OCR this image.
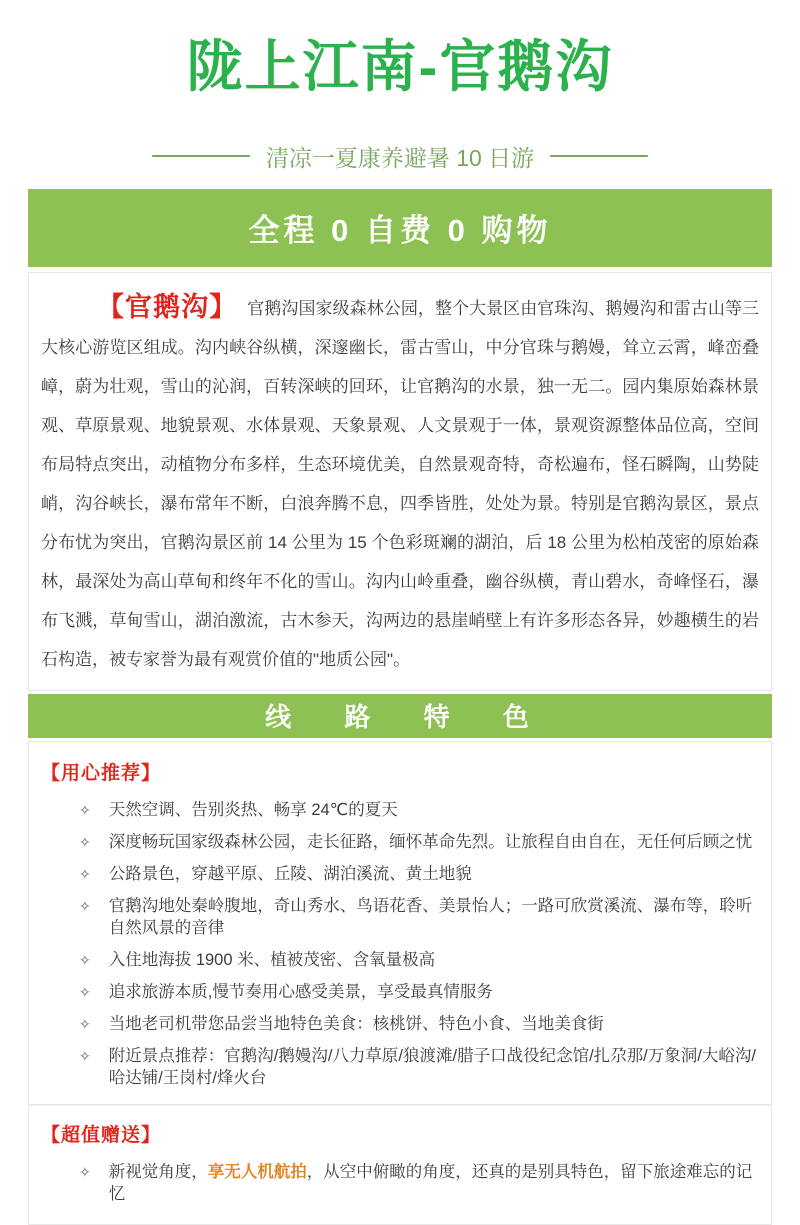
陇上江南-官鹅沟
清凉一夏康养避暑 10 日游
全程 0 自费 0 购物

【官鹅沟】 官鹅沟国家级森林公园，整个大景区由官珠沟、鹅嫚沟和雷古山等三大核心游览区组成。沟内峡谷纵横，深邃幽长，雷古雪山，中分官珠与鹅嫚，耸立云霄，峰峦叠嶂，蔚为壮观，雪山的沁润，百转深峡的回环，让官鹅沟的水景，独一无二。园内集原始森林景观、草原景观、地貌景观、水体景观、天象景观、人文景观于一体，景观资源整体品位高，空间布局特点突出，动植物分布多样，生态环境优美，自然景观奇特，奇松遍布，怪石瞬陶，山势陡峭，沟谷峡长，瀑布常年不断，白浪奔腾不息，四季皆胜，处处为景。特别是官鹅沟景区，景点分布忧为突出，官鹅沟景区前 14 公里为 15 个色彩斑斓的湖泊，后 18 公里为松柏茂密的原始森林，最深处为高山草甸和终年不化的雪山。沟内山岭重叠，幽谷纵横，青山碧水，奇峰怪石，瀑布飞溅，草甸雪山，湖泊激流，古木参天，沟两边的悬崖峭壁上有许多形态各异，妙趣横生的岩石构造，被专家誉为最有观赏价值的"地质公园"。

线 路 特 色
【用心推荐】
✧ 天然空调、告别炎热、畅享 24℃的夏天
✧ 深度畅玩国家级森林公园，走长征路，缅怀革命先烈。让旅程自由自在，无任何后顾之忧
✧ 公路景色，穿越平原、丘陵、湖泊溪流、黄土地貌
✧ 官鹅沟地处秦岭腹地，奇山秀水、鸟语花香、美景怡人；一路可欣赏溪流、瀑布等，聆听自然风景的音律
✧ 入住地海拔 1900 米、植被茂密、含氧量极高
✧ 追求旅游本质,慢节奏用心感受美景，享受最真情服务
✧ 当地老司机带您品尝当地特色美食：核桃饼、特色小食、当地美食街
✧ 附近景点推荐：官鹅沟/鹅嫚沟/八力草原/狼渡滩/腊子口战役纪念馆/扎尕那/万象洞/大峪沟/哈达铺/王岗村/烽火台
【超值赠送】
✧ 新视觉角度，享无人机航拍，从空中俯瞰的角度，还真的是别具特色，留下旅途难忘的记忆
